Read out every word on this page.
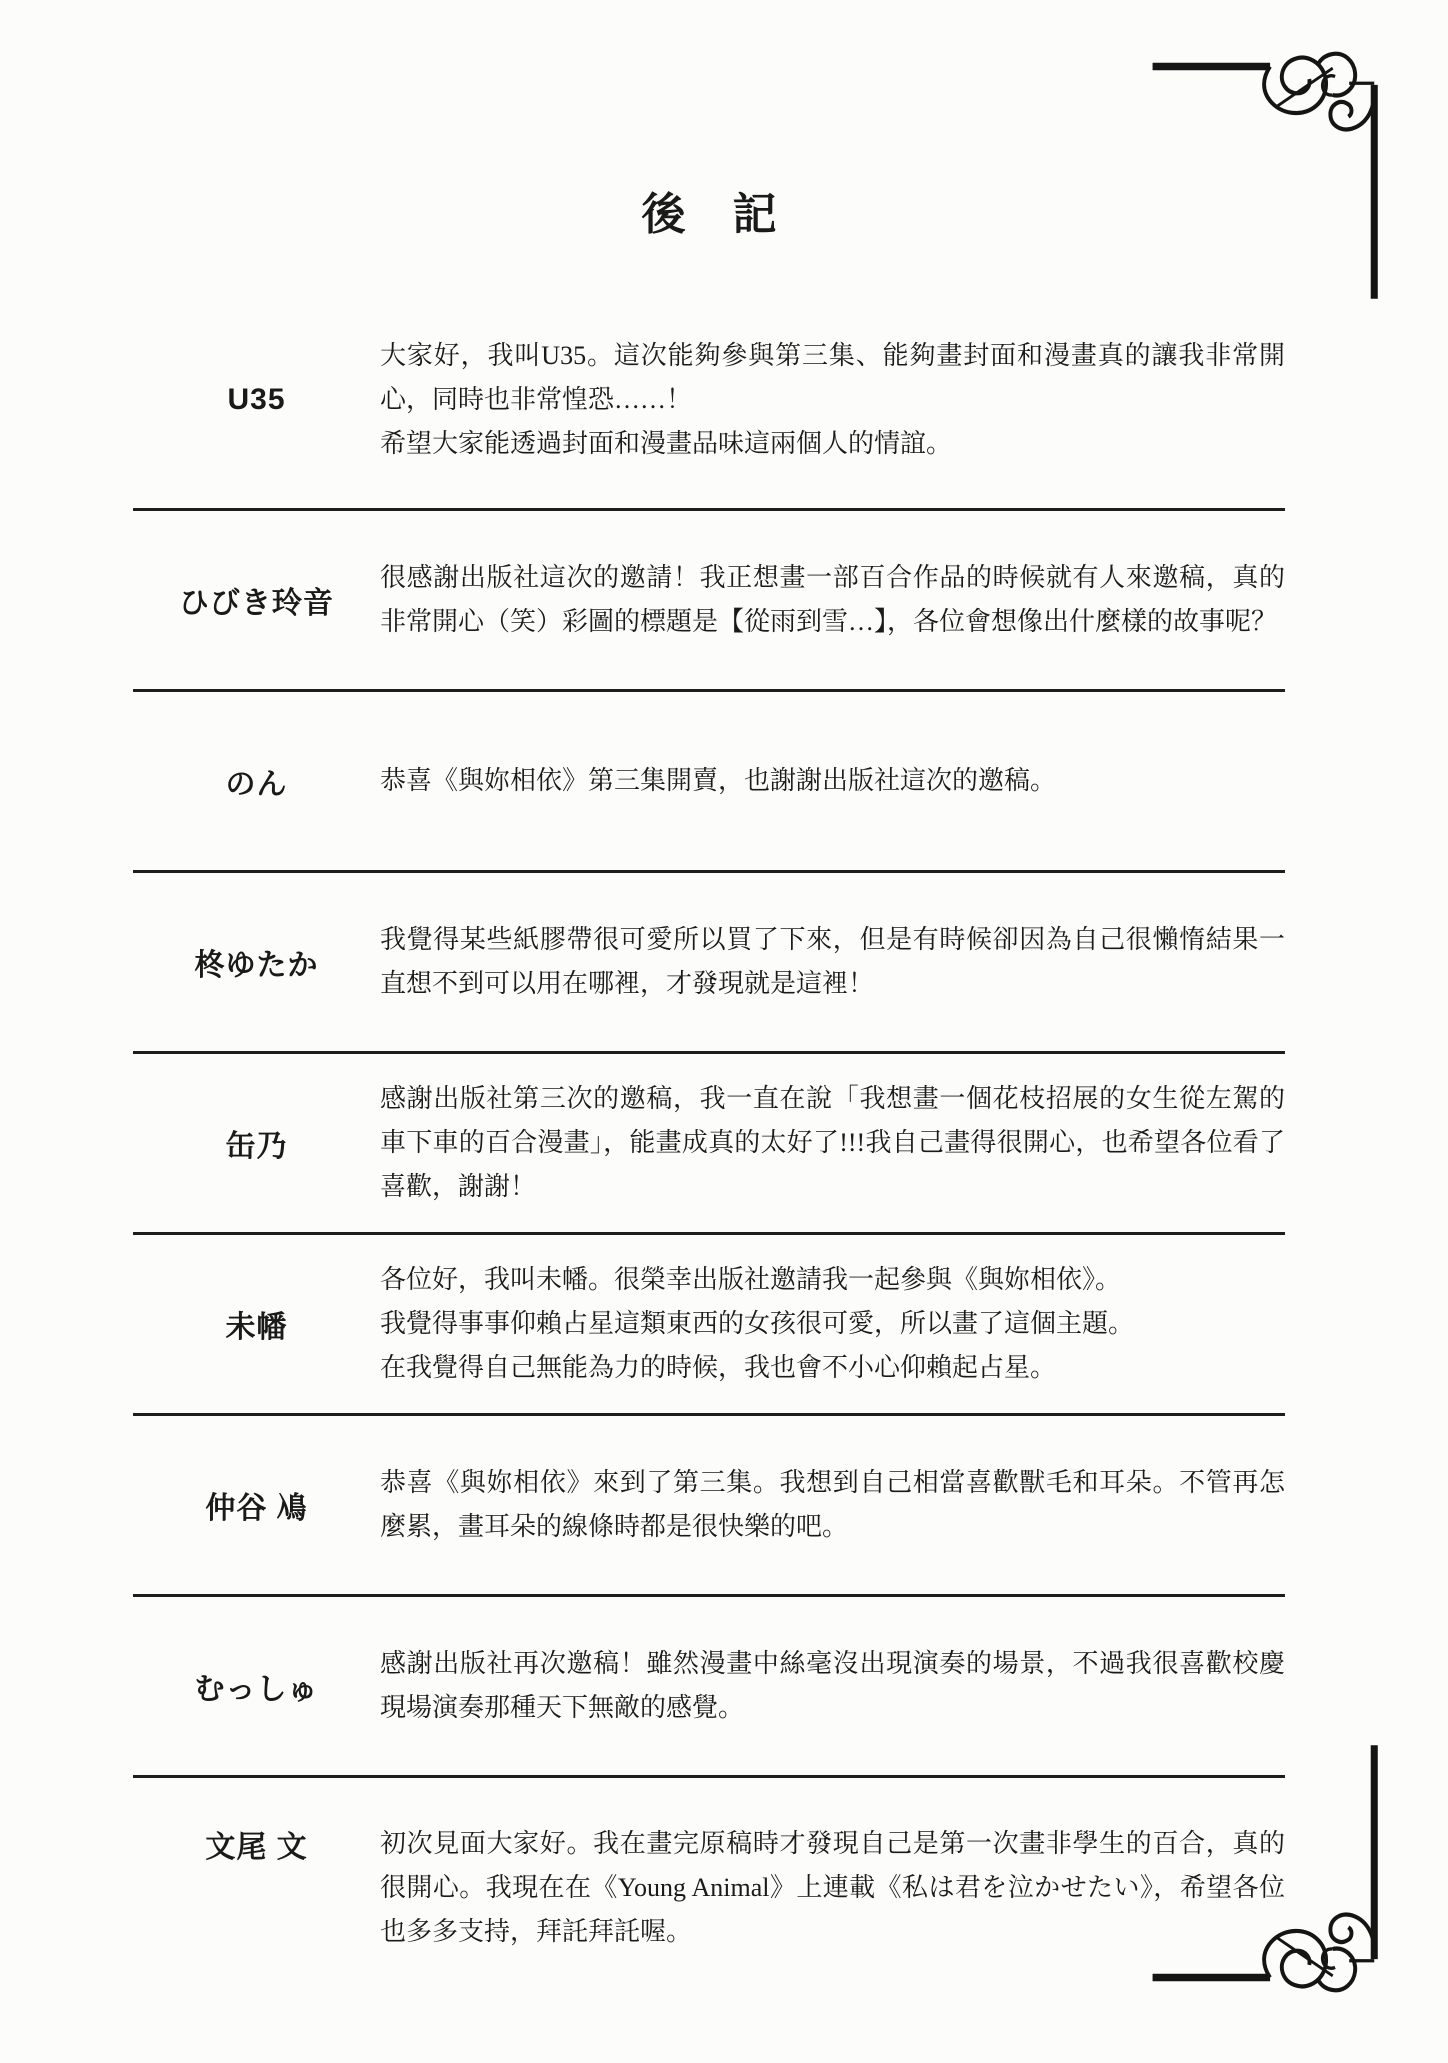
後 記
U35

大家好，我叫U35。這次能夠參與第三集、能夠畫封面和漫畫真的讓我非常開心，同時也非常惶恐……！

希望大家能透過封面和漫畫品味這兩個人的情誼。

ひびき玲音

很感謝出版社這次的邀請！我正想畫一部百合作品的時候就有人來邀稿，真的非常開心（笑）彩圖的標題是【從雨到雪…】，各位會想像出什麼樣的故事呢？

のん	恭喜《與妳相依》第三集開賣，也謝謝出版社這次的邀稿。

柊ゆたか

我覺得某些紙膠帶很可愛所以買了下來，但是有時候卻因為自己很懶惰結果一直想不到可以用在哪裡，才發現就是這裡！

缶乃

感謝出版社第三次的邀稿，我一直在說「我想畫一個花枝招展的女生從左駕的車下車的百合漫畫」，能畫成真的太好了!!!我自己畫得很開心，也希望各位看了喜歡，謝謝！

未幡

各位好，我叫未幡。很榮幸出版社邀請我一起參與《與妳相依》。

我覺得事事仰賴占星這類東西的女孩很可愛，所以畫了這個主題。

在我覺得自己無能為力的時候，我也會不小心仰賴起占星。

仲谷 鳰

恭喜《與妳相依》來到了第三集。我想到自己相當喜歡獸毛和耳朵。不管再怎麼累，畫耳朵的線條時都是很快樂的吧。

むっしゅ

感謝出版社再次邀稿！雖然漫畫中絲毫沒出現演奏的場景，不過我很喜歡校慶現場演奏那種天下無敵的感覺。

文尾 文	初次見面大家好。我在畫完原稿時才發現自己是第一次畫非學生的百合，真的很開心。我現在在《Young Animal》上連載《私は君を泣かせたい》，希望各位也多多支持，拜託拜託喔。
